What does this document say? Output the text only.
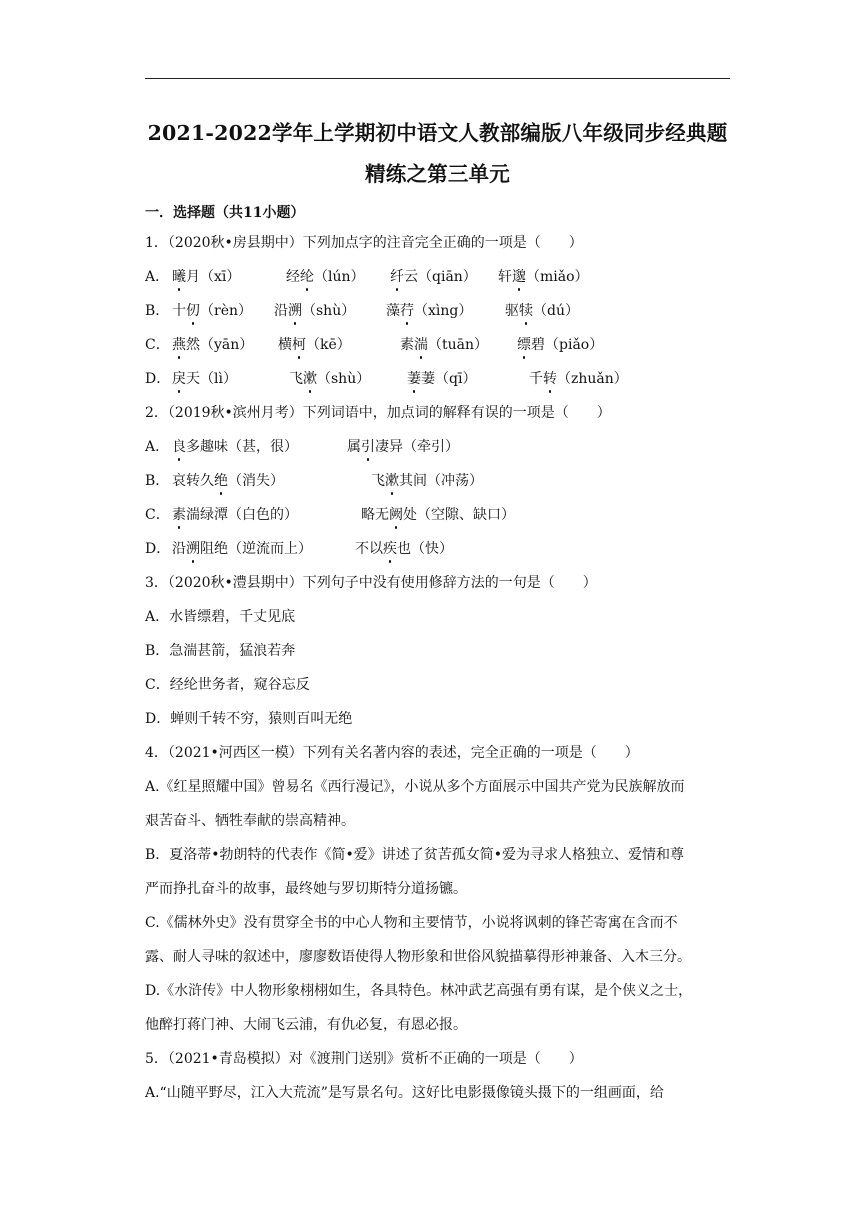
2021-2022学年上学期初中语文人教部编版八年级同步经典题
精练之第三单元
一．选择题（共11小题）
1．（2020秋•房县期中）下列加点字的注音完全正确的一项是（　　）
A． 曦月（xī）	经纶（lún） 纤云（qiān） 轩邈（miǎo）
B． 十仞（rèn） 沿溯（shù） 藻荇（xìng） 驱犊（dú）
C． 燕然（yān） 横柯（kē）	素湍（tuān） 缥碧（piǎo）
D． 戾天（lì）	飞漱（shù）	萋萋（qī）	千转（zhuǎn）
2．（2019秋•滨州月考）下列词语中，加点词的解释有误的一项是（　　）
A． 良多趣味（甚，很）	属引凄异（牵引）
B． 哀转久绝（消失）	飞漱其间（冲荡）
C． 素湍绿潭（白色的）	略无阙处（空隙、缺口）
D． 沿溯阻绝（逆流而上）	不以疾也（快）
3．（2020秋•澧县期中）下列句子中没有使用修辞方法的一句是（　　）
A．水皆缥碧，千丈见底
B．急湍甚箭，猛浪若奔
C．经纶世务者，窥谷忘反
D．蝉则千转不穷，猿则百叫无绝
4．（2021•河西区一模）下列有关名著内容的表述，完全正确的一项是（　　）
A.《红星照耀中国》曾易名《西行漫记》，小说从多个方面展示中国共产党为民族解放而
艰苦奋斗、牺牲奉献的崇高精神。
B．夏洛蒂•勃朗特的代表作《简•爱》讲述了贫苦孤女简•爱为寻求人格独立、爱情和尊
严而挣扎奋斗的故事，最终她与罗切斯特分道扬镳。
C.《儒林外史》没有贯穿全书的中心人物和主要情节，小说将讽刺的锋芒寄寓在含而不
露、耐人寻味的叙述中，廖廖数语使得人物形象和世俗风貌描摹得形神兼备、入木三分。
D.《水浒传》中人物形象栩栩如生，各具特色。林冲武艺高强有勇有谋，是个侠义之士，
他醉打蒋门神、大闹飞云浦，有仇必复，有恩必报。
5．（2021•青岛模拟）对《渡荆门送别》赏析不正确的一项是（　　）
A.“山随平野尽，江入大荒流”是写景名句。这好比电影摄像镜头摄下的一组画面，给
